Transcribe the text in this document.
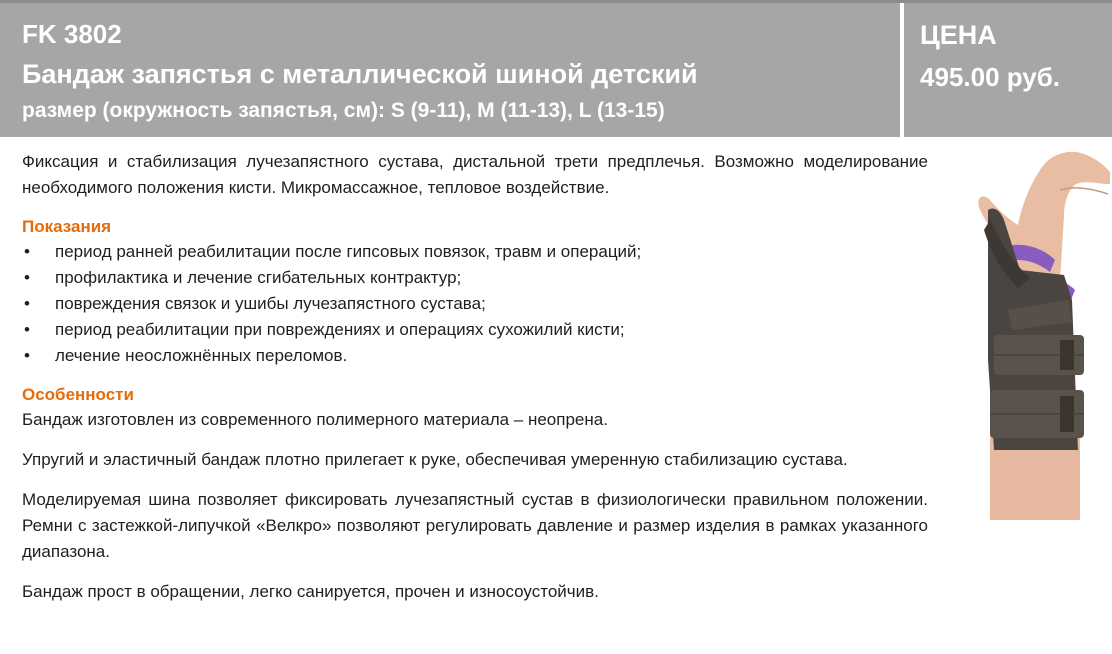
FK 3802
Бандаж запястья с металлической шиной детский
размер (окружность запястья, см): S (9-11), M (11-13), L (13-15)
ЦЕНА
495.00 руб.

Фиксация и стабилизация лучезапястного сустава, дистальной трети предплечья. Возможно моделирование необходимого положения кисти. Микромассажное, тепловое воздействие.

Показания
• период ранней реабилитации после гипсовых повязок, травм и операций;
• профилактика и лечение сгибательных контрактур;
• повреждения связок и ушибы лучезапястного сустава;
• период реабилитации при повреждениях и операциях сухожилий кисти;
• лечение неосложнённых переломов.
Особенности

Бандаж изготовлен из современного полимерного материала – неопрена.

Упругий и эластичный бандаж плотно прилегает к руке, обеспечивая умеренную стабилизацию сустава.

Моделируемая шина позволяет фиксировать лучезапястный сустав в физиологически правильном положении. Ремни с застежкой-липучкой «Велкро» позволяют регулировать давление и размер изделия в рамках указанного диапазона.

Бандаж прост в обращении, легко санируется, прочен и износоустойчив.
